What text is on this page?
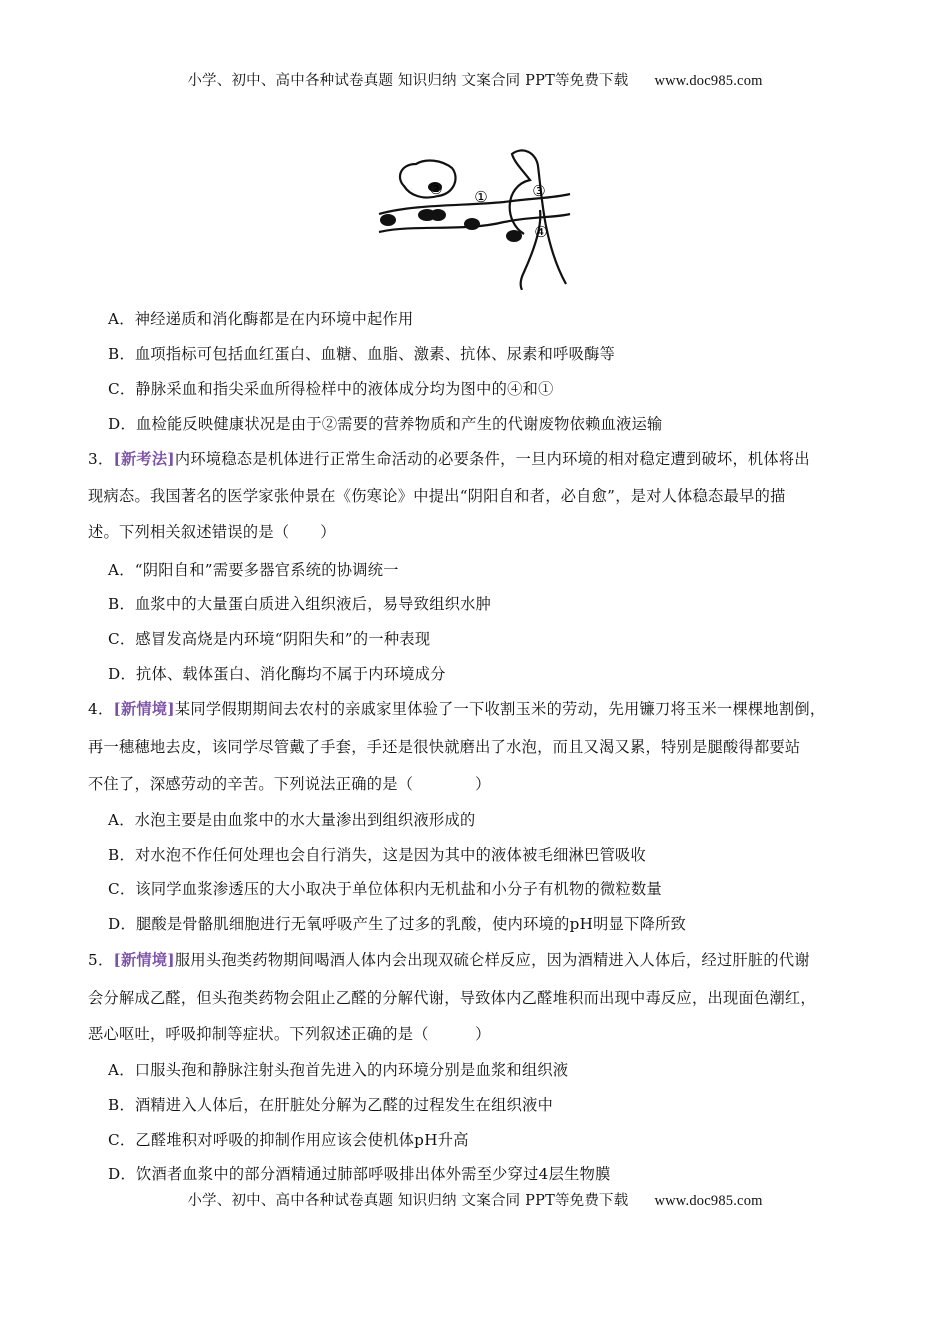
小学、初中、高中各种试卷真题 知识归纳 文案合同 PPT等免费下载 www.doc985.com
①
②	③
④
A．神经递质和消化酶都是在内环境中起作用
B．血项指标可包括血红蛋白、血糖、血脂、激素、抗体、尿素和呼吸酶等
C．静脉采血和指尖采血所得检样中的液体成分均为图中的④和①
D．血检能反映健康状况是由于②需要的营养物质和产生的代谢废物依赖血液运输
3．[新考法]内环境稳态是机体进行正常生命活动的必要条件，一旦内环境的相对稳定遭到破坏，机体将出
现病态。我国著名的医学家张仲景在《伤寒论》中提出“阴阳自和者，必自愈”，是对人体稳态最早的描
述。下列相关叙述错误的是（　　）
A．“阴阳自和”需要多器官系统的协调统一
B．血浆中的大量蛋白质进入组织液后，易导致组织水肿
C．感冒发高烧是内环境“阴阳失和”的一种表现
D．抗体、载体蛋白、消化酶均不属于内环境成分
4．[新情境]某同学假期期间去农村的亲戚家里体验了一下收割玉米的劳动，先用镰刀将玉米一棵棵地割倒，
再一穗穗地去皮，该同学尽管戴了手套，手还是很快就磨出了水泡，而且又渴又累，特别是腿酸得都要站
不住了，深感劳动的辛苦。下列说法正确的是（　　　　）
A．水泡主要是由血浆中的水大量渗出到组织液形成的
B．对水泡不作任何处理也会自行消失，这是因为其中的液体被毛细淋巴管吸收
C．该同学血浆渗透压的大小取决于单位体积内无机盐和小分子有机物的微粒数量
D．腿酸是骨骼肌细胞进行无氧呼吸产生了过多的乳酸，使内环境的pH明显下降所致
5．[新情境]服用头孢类药物期间喝酒人体内会出现双硫仑样反应，因为酒精进入人体后，经过肝脏的代谢
会分解成乙醛，但头孢类药物会阻止乙醛的分解代谢，导致体内乙醛堆积而出现中毒反应，出现面色潮红，
恶心呕吐，呼吸抑制等症状。下列叙述正确的是（　　　）
A．口服头孢和静脉注射头孢首先进入的内环境分别是血浆和组织液
B．酒精进入人体后，在肝脏处分解为乙醛的过程发生在组织液中
C．乙醛堆积对呼吸的抑制作用应该会使机体pH升高
D．饮酒者血浆中的部分酒精通过肺部呼吸排出体外需至少穿过4层生物膜
小学、初中、高中各种试卷真题 知识归纳 文案合同 PPT等免费下载 www.doc985.com
